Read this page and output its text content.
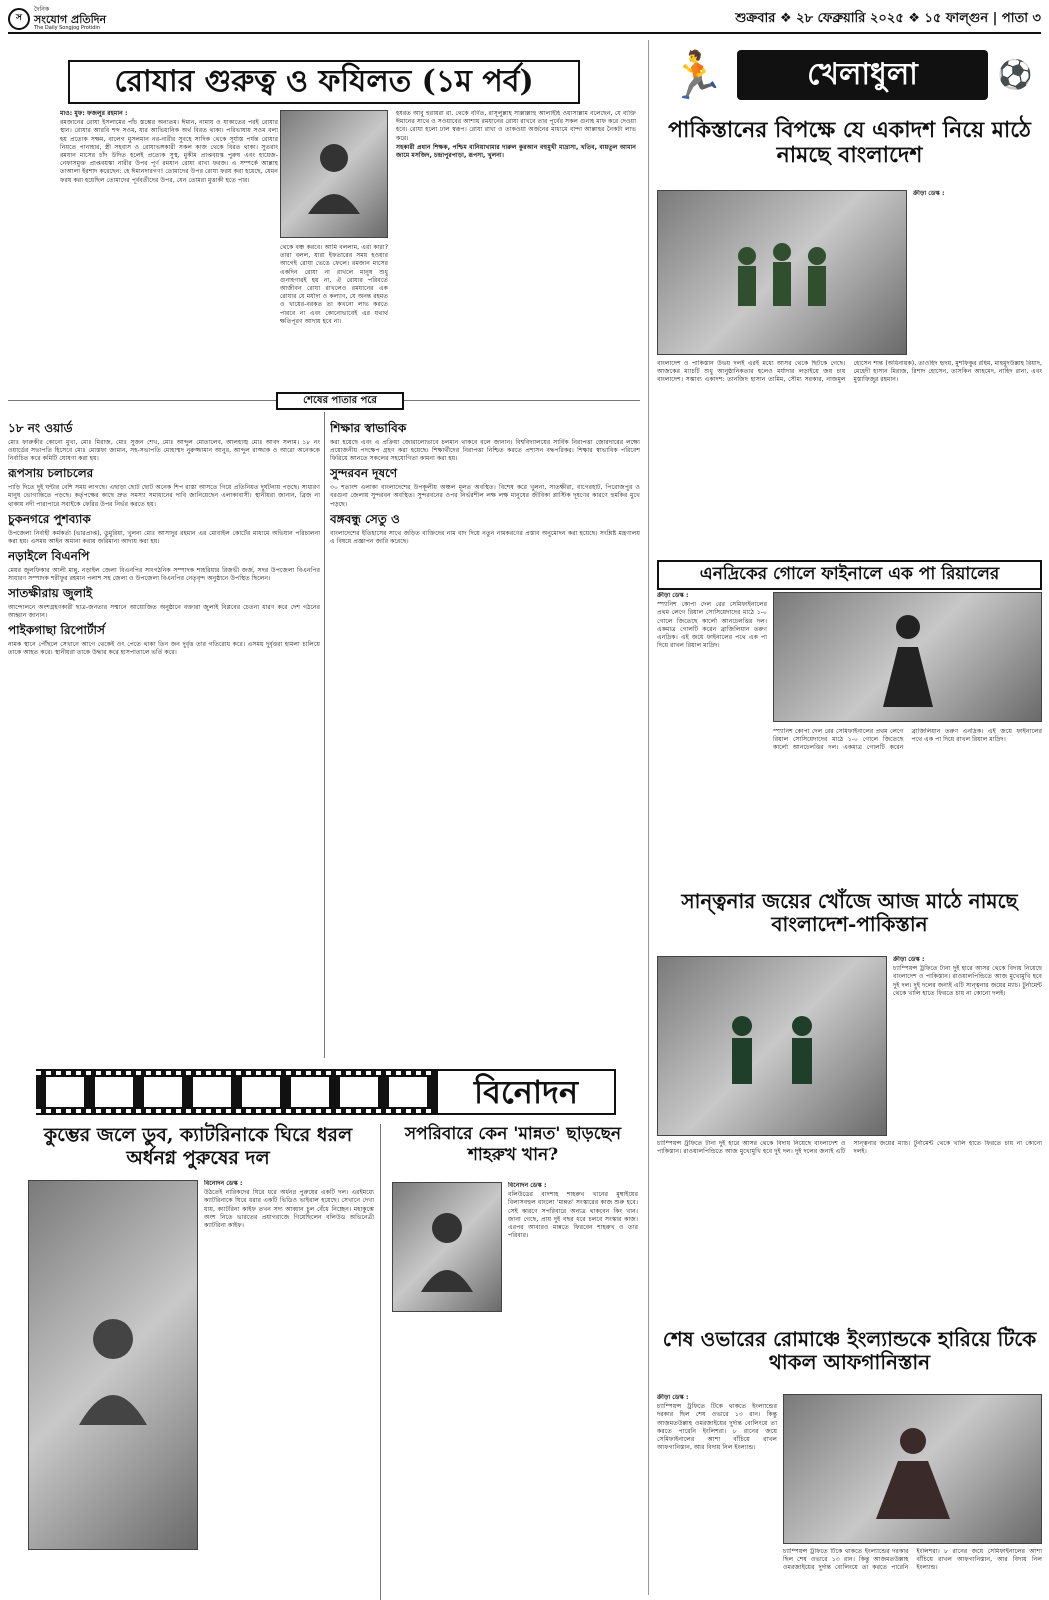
স
দৈনিক
সংযোগ প্রতিদিন
The Daily Songjog Protidin
শুক্রবার ❖ ২৮ ফেব্রুয়ারি ২০২৫ ❖ ১৫ ফাল্গুন | পাতা ৩
রোযার গুরুত্ব ও ফযিলত (১ম পর্ব)

মাও: মুফ: ফজলুর রহমান :

রমজানের রোযা ইসলামের পাঁচ স্তম্ভের অন্যতম। ঈমান, নামায ও যাকাতের পরই রোযার স্থান। রোযার আরবি শব্দ সওম, যার আভিধানিক অর্থ বিরত থাকা। পরিভাষায় সওম বলা হয় প্রত্যেক সক্ষম, বালেগ মুসলমান নর-নারীর সুবহে সাদিক থেকে সূর্যাস্ত পর্যন্ত রোযার নিয়তে পানাহার, স্ত্রী সহবাস ও রোযাভঙ্গকারী সকল কাজ থেকে বিরত থাকা। সুতরাং রমযান মাসের চাঁদ উদিত হলেই প্রত্যেক সুস্থ, মুকীম প্রাপ্তবয়স্ক পুরুষ এবং হায়েজ-নেফাসমুক্ত প্রাপ্তবয়স্কা নারীর উপর পূর্ণ রমযান রোযা রাখা ফরজ। এ সম্পর্কে আল্লাহ তাআলা ইরশাদ করেছেন: হে ঈমানদারগণ! তোমাদের উপর রোযা ফরয করা হয়েছে, যেমন ফরয করা হয়েছিল তোমাদের পূর্ববর্তীদের উপর, যেন তোমরা মুত্তাকী হতে পার।

থেকে বঞ্চ করবে। আমি বললাম, এরা কারা? তারা বলল, যারা ইফতারের সময় হওয়ার আগেই রোযা ভেঙে ফেলে। রমজান মাসের একদিন রোযা না রাখলে মানুষ শুধু গুনাহগারই হয় না, ঐ রোযার পরিবর্তে আজীবন রোযা রাখলেও রমযানের এক রোযার যে মর্যাদা ও কল্যাণ, যে অনন্ত রহমত ও খায়ের-বরকত তা কখনো লাভ করতে পারবে না এবং কোনোভাবেই এর যথার্থ ক্ষতিপূরণ আদায় হবে না।

হযরত আবু হুরায়রা রা. থেকে বর্ণিত, রাসূলুল্লাহ সাল্লাল্লাহু আলাইহি ওয়াসাল্লাম বলেছেন, যে ব্যক্তি ঈমানের সাথে ও সওয়াবের আশায় রমযানের রোযা রাখবে তার পূর্বের সকল গুনাহ মাফ করে দেওয়া হবে। রোযা হলো ঢাল স্বরূপ। রোযা রাখা ও তাকওয়া অর্জনের মাধ্যমে বান্দা আল্লাহর নৈকট্য লাভ করে।

সহকারী প্রধান শিক্ষক, পশ্চিম বানিয়াখামার দারুল কুরআন বহুমুখী মাদ্রাসা, খতিব, বায়তুল আমান জামে মসজিদ, চন্দ্রাপুরপাড়া, রূপসা, খুলনা।

শেষের পাতার পরে
১৮ নং ওয়ার্ড

মোঃ ফারুকীর কোনো মুখা, মোঃ মিরাজ, মোঃ সুজন শেখ, মোঃ আব্দুল মোতালেব, আলহাজ্ব মোঃ আবদ সলাম। ১৮ নং ওয়ার্ডের সভাপতি হিসেবে মোঃ মোস্তফা জামান, সহ-সভাপতি মোহাম্মদ নুরুজ্জামান আনুর, আব্দুল রাজ্জাক ও আরো অনেককে নির্বাচিত করে কমিটি ঘোষণা করা হয়।

রূপসায় চলাচলের

পাড়ি দিতে দুই ঘন্টার বেশি সময় লাগছে। এছাড়া ছোট ছোট অনেক শিপ রাস্তা আসতে গিয়ে প্রতিনিয়ত দুর্ঘটনায় পড়ছে। সাধারণ মানুষ ভোগান্তিতে পড়ছে। কর্তৃপক্ষের কাছে দ্রুত সমস্যা সমাধানের দাবি জানিয়েছেন এলাকাবাসী। স্থানীয়রা জানান, ব্রিজ না থাকায় নদী পারাপারে সবাইকে ফেরির উপর নির্ভর করতে হয়।

চুকনগরে পুশব্যাক

উপজেলা নির্বাহী কর্মকর্তা (ভারপ্রাপ্ত), ডুমুরিয়া, খুলনা মোঃ আসাদুর রহমান এর মোবাইল কোর্টের মাধ্যমে অভিযান পরিচালনা করা হয়। এসময় আইন অমান্য করায় জরিমানা আদায় করা হয়।

নড়াইলে বিএনপি

মেয়র জুলফিকার আলী মান্নু, নড়াইল জেলা বিএনপির সাংগঠনিক সম্পাদক শাহরিয়ার রিজভী জর্জ, সদর উপজেলা বিএনপির সাধারণ সম্পাদক শরীফুর রহমান পলাশ সহ জেলা ও উপজেলা বিএনপির নেতৃবৃন্দ অনুষ্ঠানে উপস্থিত ছিলেন।

সাতক্ষীরায় জুলাই

আন্দোলনে অংশগ্রহণকারী ছাত্র-জনতার সম্মানে আয়োজিত অনুষ্ঠানে বক্তারা জুলাই বিপ্লবের চেতনা ধারণ করে দেশ গঠনের আহ্বান জানান।

পাইকগাছা রিপোর্টার্স

নামক স্থানে পৌঁছলে সেখানে আগে থেকেই ওৎ পেতে থাকা তিন জন দুর্বৃত্ত তার গতিরোধ করে। এসময় দুর্বৃত্তরা হামলা চালিয়ে তাকে আহত করে। স্থানীয়রা তাকে উদ্ধার করে হাসপাতালে ভর্তি করে।

শিক্ষার স্বাভাবিক

করা হয়েছে এবং এ প্রক্রিয়া জোরালোভাবে চলমান থাকবে বলে জানান। বিশ্ববিদ্যালয়ের সার্বিক নিরাপত্তা জোরদারের লক্ষ্যে প্রয়োজনীয় পদক্ষেপ গ্রহণ করা হয়েছে। শিক্ষার্থীদের নিরাপত্তা নিশ্চিত করতে প্রশাসন বদ্ধপরিকর। শিক্ষার স্বাভাবিক পরিবেশ ফিরিয়ে আনতে সকলের সহযোগিতা কামনা করা হয়।

সুন্দরবন দূষণে

৩০ শতাংশ এলাকা বাংলাদেশের উপকূলীয় অঞ্চল মূলত অবস্থিত। বিশেষ করে খুলনা, সাতক্ষীরা, বাগেরহাট, পিরোজপুর ও বরগুনা জেলায় সুন্দরবন অবস্থিত। সুন্দরবনের ওপর নির্ভরশীল লক্ষ লক্ষ মানুষের জীবিকা প্লাস্টিক দূষণের কারণে হুমকির মুখে পড়ছে।

বঙ্গবন্ধু সেতু ও

বাংলাদেশের ইতিহাসের সাথে জড়িত ব্যক্তিদের নাম বাদ দিয়ে নতুন নামকরণের প্রস্তাব অনুমোদন করা হয়েছে। সংশ্লিষ্ট মন্ত্রণালয় এ বিষয়ে প্রজ্ঞাপন জারি করেছে।

বিনোদন
কুম্ভের জলে ডুব, ক্যাটরিনাকে ঘিরে ধরল অর্ধনগ্ন পুরুষের দল

বিনোদন ডেস্ক :

উঠতেই নারিকদের ঘিরে ধরে অর্ধনগ্ন পুরুষের একটি দল। এরইমধ্যে ক্যাটরিনাকে ঘিরে ধরার একটি ভিডিও ভাইরাল হয়েছে। সেখানে দেখা যায়, ক্যাটরিনা কাইফ তখন সদ্য আব্বান চুল বেঁধে নিচ্ছেন। মহাকুম্ভে অংশ নিতে ভারতের প্রয়াগরাজে গিয়েছিলেন বলিউড অভিনেত্রী ক্যাটরিনা কাইফ।

সপরিবারে কেন 'মান্নত' ছাড়ছেন শাহরুখ খান?

বিনোদন ডেস্ক :

বলিউডের বাদশাহ শাহরুখ খানের মুম্বাইয়ের বিলাসবহুল বাংলো 'মান্নত' সংস্কারের কাজ শুরু হবে। সেই কারণে সপরিবারে অন্যত্র থাকবেন কিং খান। জানা গেছে, প্রায় দুই বছর ধরে চলবে সংস্কার কাজ। এরপর আবারও মান্নতে ফিরবেন শাহরুখ ও তার পরিবার।

🏃	খেলাধুলা	⚽
পাকিস্তানের বিপক্ষে যে একাদশ নিয়ে মাঠে নামছে বাংলাদেশ

ক্রীড়া ডেস্ক :

বাংলাদেশ ও পাকিস্তান উভয় দলই এরই মধ্যে আসর থেকে ছিটকে গেছে। আজকের ম্যাচটি শুধু আনুষ্ঠানিকতার হলেও মর্যাদার লড়াইয়ে জয় চায় বাংলাদেশ। সম্ভাব্য একাদশ: তানজিদ হাসান তামিম, সৌম্য সরকার, নাজমুল হোসেন শান্ত (অধিনায়ক), তাওহিদ হৃদয়, মুশফিকুর রহিম, মাহমুদউল্লাহ রিয়াদ, মেহেদী হাসান মিরাজ, রিশাদ হোসেন, তাসকিন আহমেদ, নাহিদ রানা, এবং মুস্তাফিজুর রহমান।

এনদ্রিকের গোলে ফাইনালে এক পা রিয়ালের

ক্রীড়া ডেস্ক :

স্প্যানিশ কোপা দেল রের সেমিফাইনালের প্রথম লেগে রিয়াল সোসিয়েদাদের মাঠে ১-০ গোলে জিতেছে কার্লো আনচেলত্তির দল। একমাত্র গোলটি করেন ব্রাজিলিয়ান তরুণ এনদ্রিক। এই জয়ে ফাইনালের পথে এক পা দিয়ে রাখল রিয়াল মাদ্রিদ।

স্প্যানিশ কোপা দেল রের সেমিফাইনালের প্রথম লেগে রিয়াল সোসিয়েদাদের মাঠে ১-০ গোলে জিতেছে কার্লো আনচেলত্তির দল। একমাত্র গোলটি করেন ব্রাজিলিয়ান তরুণ এনদ্রিক। এই জয়ে ফাইনালের পথে এক পা দিয়ে রাখল রিয়াল মাদ্রিদ।

সান্ত্বনার জয়ের খোঁজে আজ মাঠে নামছে বাংলাদেশ-পাকিস্তান

ক্রীড়া ডেস্ক :

চ্যাম্পিয়ন্স ট্রফিতে টানা দুই হারে আসর থেকে বিদায় নিয়েছে বাংলাদেশ ও পাকিস্তান। রাওয়ালপিন্ডিতে আজ মুখোমুখি হবে দুই দল। দুই দলের জন্যই এটি সান্ত্বনার জয়ের ম্যাচ। টুর্নামেন্ট থেকে খালি হাতে ফিরতে চায় না কোনো দলই।

চ্যাম্পিয়ন্স ট্রফিতে টানা দুই হারে আসর থেকে বিদায় নিয়েছে বাংলাদেশ ও পাকিস্তান। রাওয়ালপিন্ডিতে আজ মুখোমুখি হবে দুই দল। দুই দলের জন্যই এটি সান্ত্বনার জয়ের ম্যাচ। টুর্নামেন্ট থেকে খালি হাতে ফিরতে চায় না কোনো দলই।

শেষ ওভারের রোমাঞ্চে ইংল্যান্ডকে হারিয়ে টিকে থাকল আফগানিস্তান

ক্রীড়া ডেস্ক :

চ্যাম্পিয়ন্স ট্রফিতে টিকে থাকতে ইংল্যান্ডের দরকার ছিল শেষ ওভারে ১৩ রান। কিন্তু আজমতউল্লাহ ওমরজাইয়ের দুর্দান্ত বোলিংয়ে তা করতে পারেনি ইংলিশরা। ৮ রানের জয়ে সেমিফাইনালের আশা বাঁচিয়ে রাখল আফগানিস্তান, আর বিদায় নিল ইংল্যান্ড।

চ্যাম্পিয়ন্স ট্রফিতে টিকে থাকতে ইংল্যান্ডের দরকার ছিল শেষ ওভারে ১৩ রান। কিন্তু আজমতউল্লাহ ওমরজাইয়ের দুর্দান্ত বোলিংয়ে তা করতে পারেনি ইংলিশরা। ৮ রানের জয়ে সেমিফাইনালের আশা বাঁচিয়ে রাখল আফগানিস্তান, আর বিদায় নিল ইংল্যান্ড।
